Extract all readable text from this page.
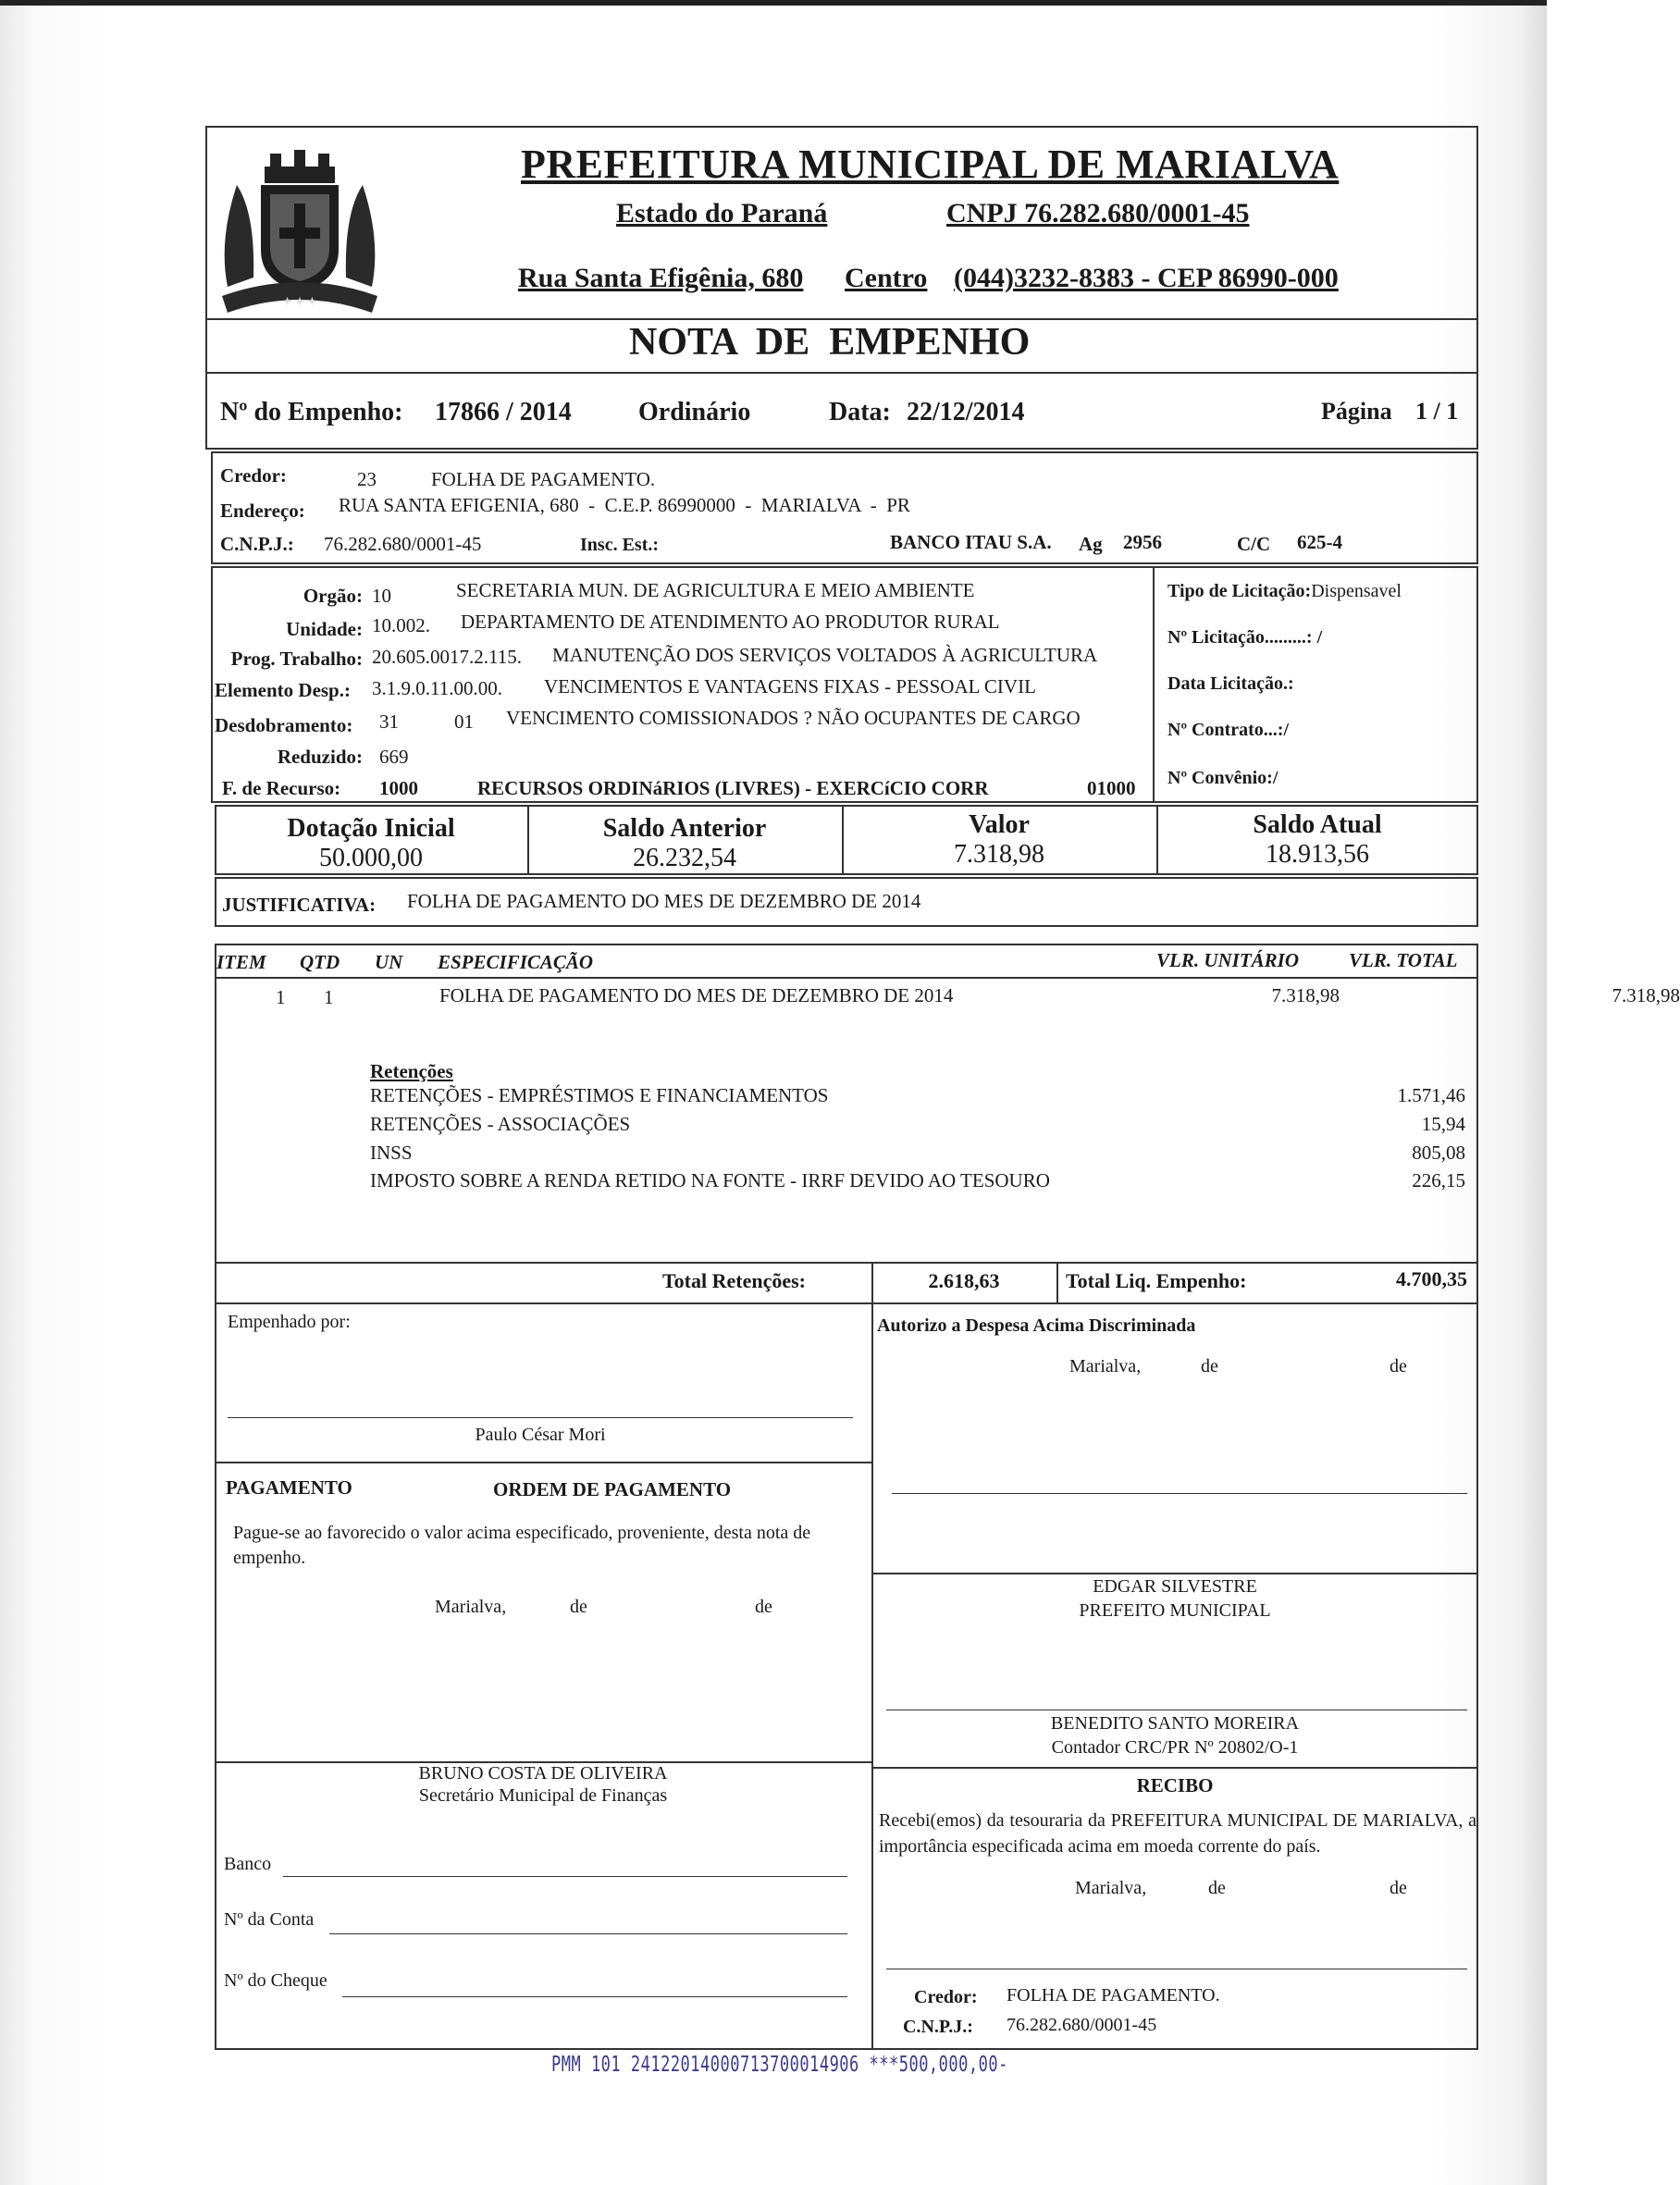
✦ ✦ ✦
PREFEITURA MUNICIPAL DE MARIALVA
Estado do Paraná	CNPJ 76.282.680/0001-45
Rua Santa Efigênia, 680 Centro (044)3232-8383 - CEP 86990-000
NOTA  DE  EMPENHO
Nº do Empenho: 17866 / 2014	Ordinário	Data: 22/12/2014	Página 1 / 1
Credor:	23	FOLHA DE PAGAMENTO.
Endereço: RUA SANTA EFIGENIA, 680  -  C.E.P. 86990000  -  MARIALVA  -  PR
C.N.P.J.: 76.282.680/0001-45	Insc. Est.:	BANCO ITAU S.A. Ag 2956	C/C 625-4
Orgão: 10	SECRETARIA MUN. DE AGRICULTURA E MEIO AMBIENTE
Unidade: 10.002. DEPARTAMENTO DE ATENDIMENTO AO PRODUTOR RURAL
Prog. Trabalho: 20.605.0017.2.115. MANUTENÇÃO DOS SERVIÇOS VOLTADOS À AGRICULTURA
Elemento Desp.: 3.1.9.0.11.00.00. VENCIMENTOS E VANTAGENS FIXAS - PESSOAL CIVIL
Desdobramento: 31	01 VENCIMENTO COMISSIONADOS ? NÃO OCUPANTES DE CARGO
Reduzido: 669
F. de Recurso: 1000	RECURSOS ORDINáRIOS (LIVRES) - EXERCíCIO CORR	01000
Tipo de Licitação:Dispensavel
Nº Licitação.........: /
Data Licitação.:
Nº Contrato...:/
Nº Convênio:/
Dotação Inicial
50.000,00
Saldo Anterior
26.232,54
Valor
7.318,98
Saldo Atual
18.913,56
JUSTIFICATIVA: FOLHA DE PAGAMENTO DO MES DE DEZEMBRO DE 2014
ITEM QTD UN ESPECIFICAÇÃO	VLR. UNITÁRIO	VLR. TOTAL
1 1	FOLHA DE PAGAMENTO DO MES DE DEZEMBRO DE 2014	7.318,98	7.318,98
Retenções
RETENÇÕES - EMPRÉSTIMOS E FINANCIAMENTOS	1.571,46
RETENÇÕES - ASSOCIAÇÕES	15,94
INSS	805,08
IMPOSTO SOBRE A RENDA RETIDO NA FONTE - IRRF DEVIDO AO TESOURO	226,15
Total Retenções:	2.618,63	Total Liq. Empenho:	4.700,35
Empenhado por:
Paulo César Mori
PAGAMENTO	ORDEM DE PAGAMENTO
Pague-se ao favorecido o valor acima especificado, proveniente, desta nota de empenho.
Marialva,	de	de
BRUNO COSTA DE OLIVEIRA
Secretário Municipal de Finanças
Banco
Nº da Conta
Nº do Cheque
Autorizo a Despesa Acima Discriminada
Marialva,	de	de
EDGAR SILVESTRE
PREFEITO MUNICIPAL
BENEDITO SANTO MOREIRA
Contador CRC/PR Nº 20802/O-1
RECIBO
Recebi(emos) da tesouraria da PREFEITURA MUNICIPAL DE MARIALVA, a importância especificada acima em moeda corrente do país.
Marialva,	de	de
Credor: FOLHA DE PAGAMENTO.
C.N.P.J.: 76.282.680/0001-45
PMM 101 24122014000713700014906 ***500,000,00-
